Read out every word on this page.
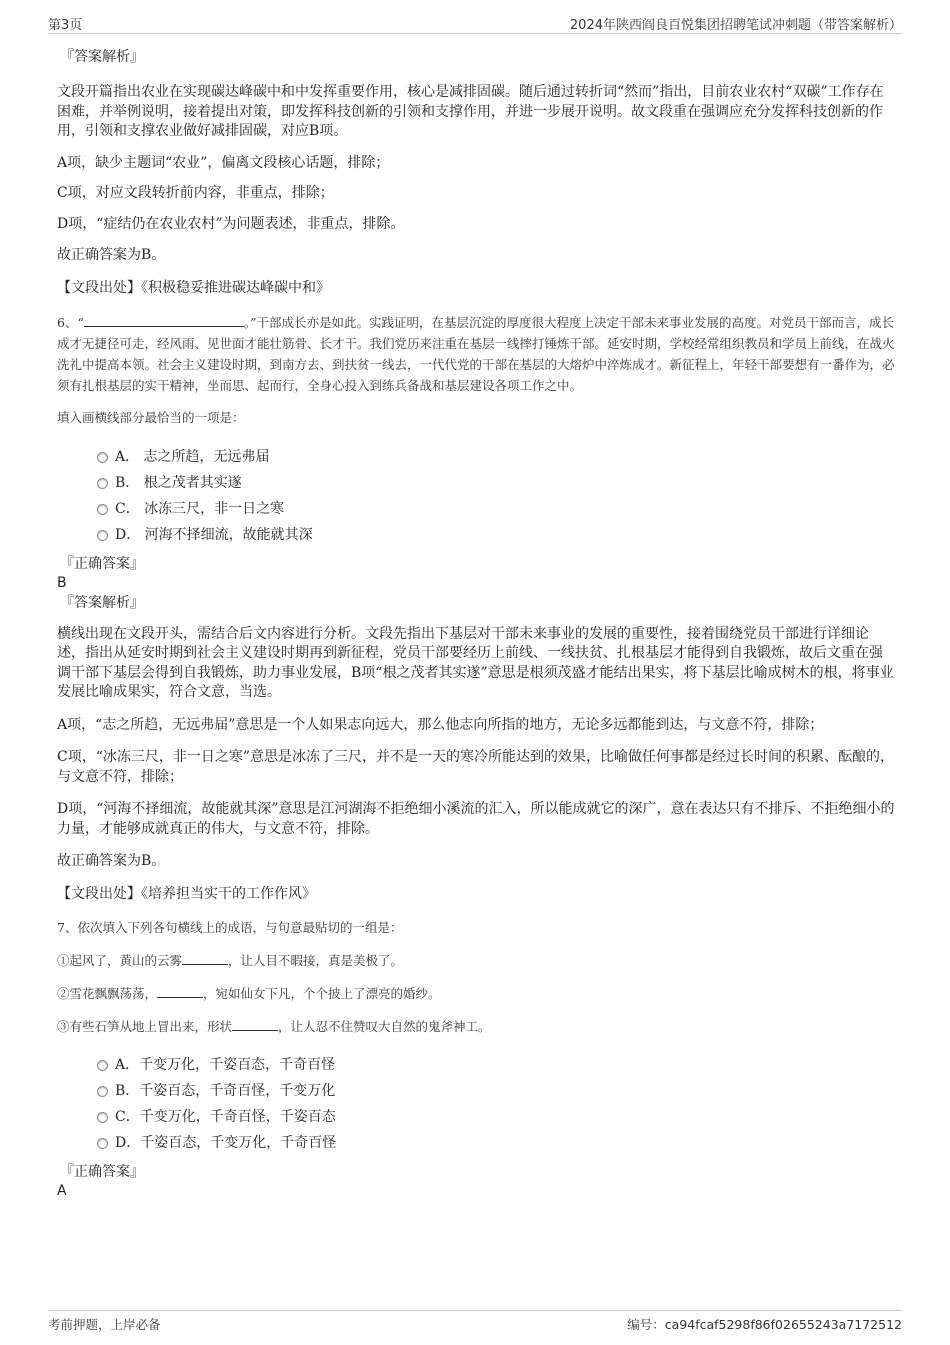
第3页	2024年陕西阎良百悦集团招聘笔试冲刺题（带答案解析）
『答案解析』
文段开篇指出农业在实现碳达峰碳中和中发挥重要作用，核心是减排固碳。随后通过转折词“然而”指出，目前农业农村“双碳”工作存在困难，并举例说明，接着提出对策，即发挥科技创新的引领和支撑作用，并进一步展开说明。故文段重在强调应充分发挥科技创新的作用，引领和支撑农业做好减排固碳，对应B项。
A项，缺少主题词“农业”，偏离文段核心话题，排除；
C项，对应文段转折前内容，非重点，排除；
D项，“症结仍在农业农村”为问题表述，非重点，排除。
故正确答案为B。
【文段出处】《积极稳妥推进碳达峰碳中和》
6、“	。”干部成长亦是如此。实践证明，在基层沉淀的厚度很大程度上决定干部未来事业发展的高度。对党员干部而言，成长成才无捷径可走，经风雨、见世面才能壮筋骨、长才干。我们党历来注重在基层一线摔打锤炼干部。延安时期，学校经常组织教员和学员上前线，在战火洗礼中提高本领。社会主义建设时期，到南方去、到扶贫一线去，一代代党的干部在基层的大熔炉中淬炼成才。新征程上，年轻干部要想有一番作为，必须有扎根基层的实干精神，坐而思、起而行，全身心投入到练兵备战和基层建设各项工作之中。
填入画横线部分最恰当的一项是：
A． 志之所趋，无远弗届
B． 根之茂者其实遂
C． 冰冻三尺，非一日之寒
D． 河海不择细流，故能就其深
『正确答案』
B
『答案解析』
横线出现在文段开头，需结合后文内容进行分析。文段先指出下基层对干部未来事业的发展的重要性，接着围绕党员干部进行详细论述，指出从延安时期到社会主义建设时期再到新征程，党员干部要经历上前线、一线扶贫、扎根基层才能得到自我锻炼，故后文重在强调干部下基层会得到自我锻炼，助力事业发展，B项“根之茂者其实遂”意思是根须茂盛才能结出果实，将下基层比喻成树木的根，将事业发展比喻成果实，符合文意，当选。
A项，“志之所趋，无远弗届”意思是一个人如果志向远大，那么他志向所指的地方，无论多远都能到达，与文意不符，排除；
C项，“冰冻三尺，非一日之寒”意思是冰冻了三尺，并不是一天的寒冷所能达到的效果，比喻做任何事都是经过长时间的积累、酝酿的，与文意不符，排除；
D项，“河海不择细流，故能就其深”意思是江河湖海不拒绝细小溪流的汇入，所以能成就它的深广，意在表达只有不排斥、不拒绝细小的力量，才能够成就真正的伟大，与文意不符，排除。
故正确答案为B。
【文段出处】《培养担当实干的工作作风》
7、依次填入下列各句横线上的成语，与句意最贴切的一组是：
①起风了，黄山的云雾	，让人目不暇接，真是美极了。
②雪花飘飘荡荡，	，宛如仙女下凡，个个披上了漂亮的婚纱。
③有些石笋从地上冒出来，形状	，让人忍不住赞叹大自然的鬼斧神工。
A．千变万化，千姿百态，千奇百怪
B．千姿百态，千奇百怪，千变万化
C．千变万化，千奇百怪，千姿百态
D．千姿百态，千变万化，千奇百怪
『正确答案』
A
考前押题，上岸必备	编号：ca94fcaf5298f86f02655243a7172512
